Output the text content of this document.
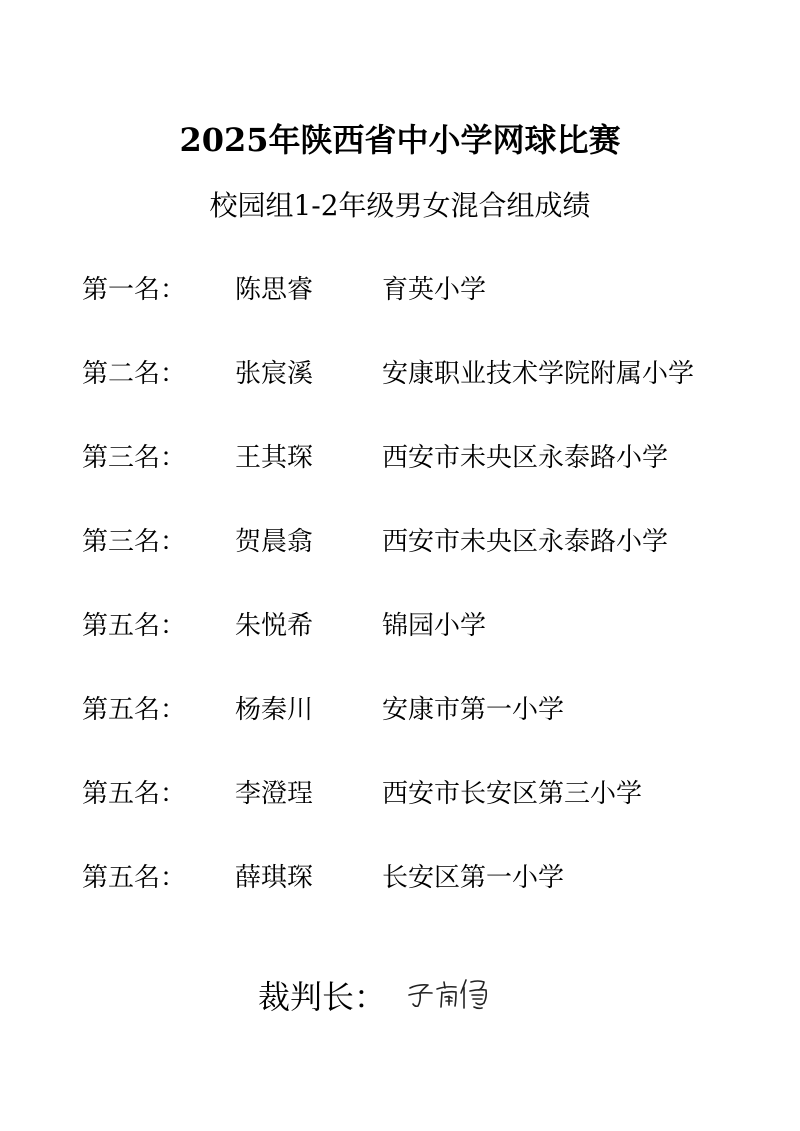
2025年陕西省中小学网球比赛
校园组1-2年级男女混合组成绩
第一名： 陈思睿	育英小学
第二名： 张宸溪	安康职业技术学院附属小学
第三名： 王其琛	西安市未央区永泰路小学
第三名： 贺晨翕	西安市未央区永泰路小学
第五名： 朱悦希	锦园小学
第五名： 杨秦川	安康市第一小学
第五名： 李澄珵	西安市长安区第三小学
第五名： 薛琪琛	长安区第一小学
裁判长：
